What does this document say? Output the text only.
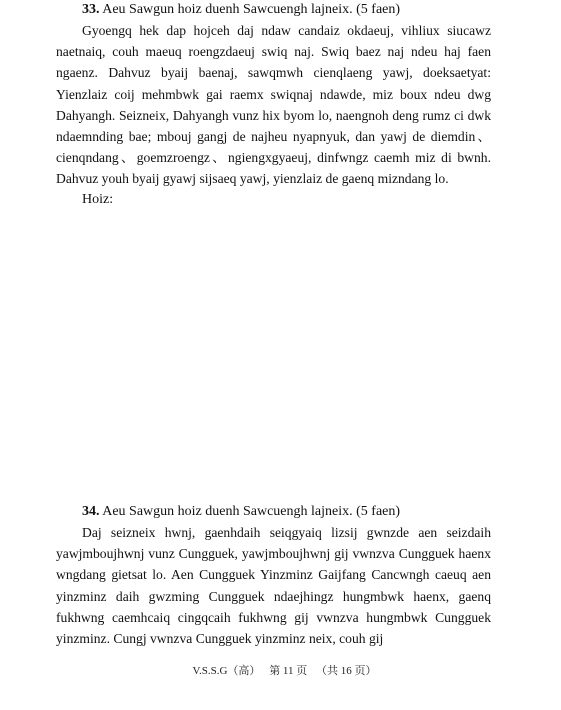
33. Aeu Sawgun hoiz duenh Sawcuengh lajneix. (5 faen)

Gyoengq hek dap hojceh daj ndaw candaiz okdaeuj, vihliux siucawz naetnaiq, couh maeuq roengzdaeuj swiq naj. Swiq baez naj ndeu haj faen ngaenz. Dahvuz byaij baenaj, sawqmwh cienqlaeng yawj, doeksaetyat: Yienzlaiz coij mehmbwk gai raemx swiqnaj ndawde, miz boux ndeu dwg Dahyangh. Seizneix, Dahyangh vunz hix byom lo, naengnoh deng rumz ci dwk ndaemnding bae; mbouj gangj de najheu nyapnyuk, dan yawj de diemdin、cienqndang、goemzroengz、ngiengxgyaeuj, dinfwngz caemh miz di bwnh. Dahvuz youh byaij gyawj sijsaeq yawj, yienzlaiz de gaenq mizndang lo.

Hoiz:

34. Aeu Sawgun hoiz duenh Sawcuengh lajneix. (5 faen)

Daj seizneix hwnj, gaenhdaih seiqgyaiq lizsij gwnzde aen seizdaih yawjmboujhwnj vunz Cungguek, yawjmboujhwnj gij vwnzva Cungguek haenx wngdang gietsat lo. Aen Cungguek Yinzminz Gaijfang Cancwngh caeuq aen yinzminz daih gwzming Cungguek ndaejhingz hungmbwk haenx, gaenq fukhwng caemhcaiq cingqcaih fukhwng gij vwnzva hungmbwk Cungguek yinzminz. Cungj vwnzva Cungguek yinzminz neix, couh gij

V.S.S.G（高） 第 11 页 （共 16 页）
